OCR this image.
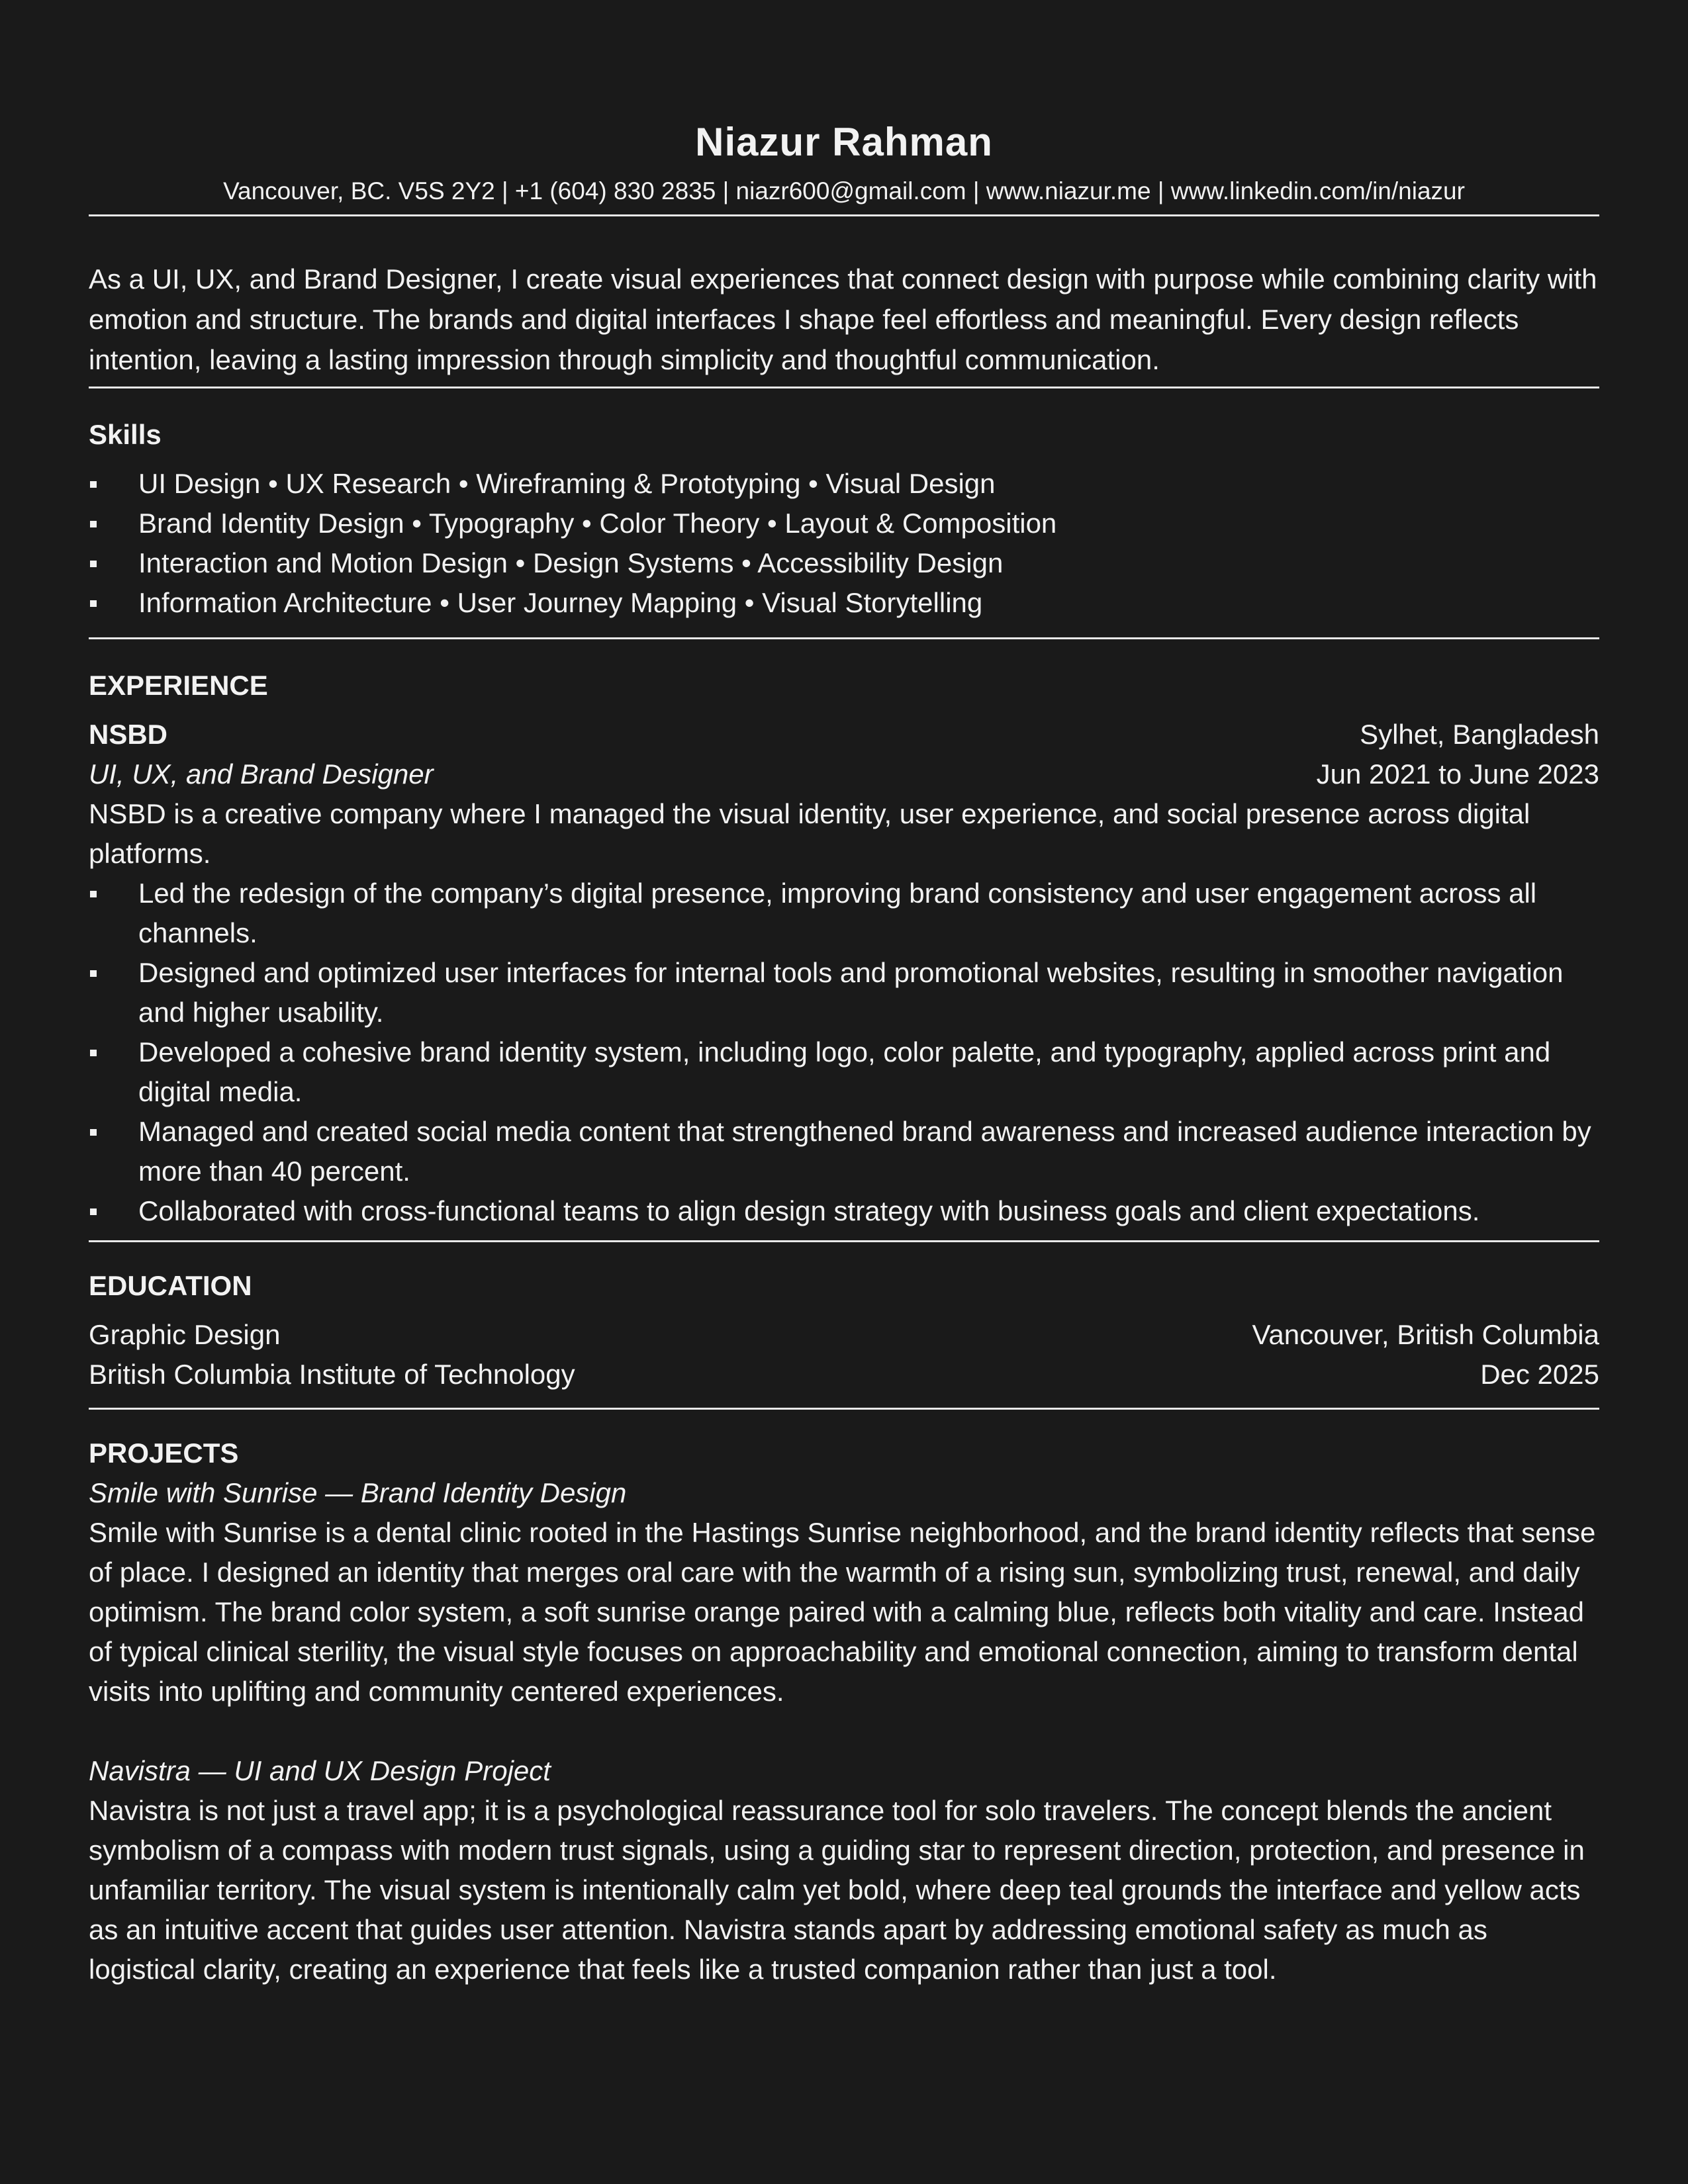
Niazur Rahman
Vancouver, BC. V5S 2Y2 | +1 (604) 830 2835 | niazr600@gmail.com | www.niazur.me | www.linkedin.com/in/niazur

As a UI, UX, and Brand Designer, I create visual experiences that connect design with purpose while combining clarity with emotion and structure. The brands and digital interfaces I shape feel effortless and meaningful. Every design reflects intention, leaving a lasting impression through simplicity and thoughtful communication.

Skills
UI Design • UX Research • Wireframing & Prototyping • Visual Design
Brand Identity Design • Typography • Color Theory • Layout & Composition
Interaction and Motion Design • Design Systems • Accessibility Design
Information Architecture • User Journey Mapping • Visual Storytelling
EXPERIENCE
NSBD	Sylhet, Bangladesh
UI, UX, and Brand Designer	Jun 2021 to June 2023

NSBD is a creative company where I managed the visual identity, user experience, and social presence across digital platforms.

Led the redesign of the company’s digital presence, improving brand consistency and user engagement across all channels.
Designed and optimized user interfaces for internal tools and promotional websites, resulting in smoother navigation and higher usability.
Developed a cohesive brand identity system, including logo, color palette, and typography, applied across print and digital media.
Managed and created social media content that strengthened brand awareness and increased audience interaction by more than 40 percent.
Collaborated with cross-functional teams to align design strategy with business goals and client expectations.
EDUCATION
Graphic Design	Vancouver, British Columbia
British Columbia Institute of Technology	Dec 2025
PROJECTS
Smile with Sunrise — Brand Identity Design

Smile with Sunrise is a dental clinic rooted in the Hastings Sunrise neighborhood, and the brand identity reflects that sense of place. I designed an identity that merges oral care with the warmth of a rising sun, symbolizing trust, renewal, and daily optimism. The brand color system, a soft sunrise orange paired with a calming blue, reflects both vitality and care. Instead of typical clinical sterility, the visual style focuses on approachability and emotional connection, aiming to transform dental visits into uplifting and community centered experiences.

Navistra — UI and UX Design Project

Navistra is not just a travel app; it is a psychological reassurance tool for solo travelers. The concept blends the ancient symbolism of a compass with modern trust signals, using a guiding star to represent direction, protection, and presence in unfamiliar territory. The visual system is intentionally calm yet bold, where deep teal grounds the interface and yellow acts as an intuitive accent that guides user attention. Navistra stands apart by addressing emotional safety as much as logistical clarity, creating an experience that feels like a trusted companion rather than just a tool.
